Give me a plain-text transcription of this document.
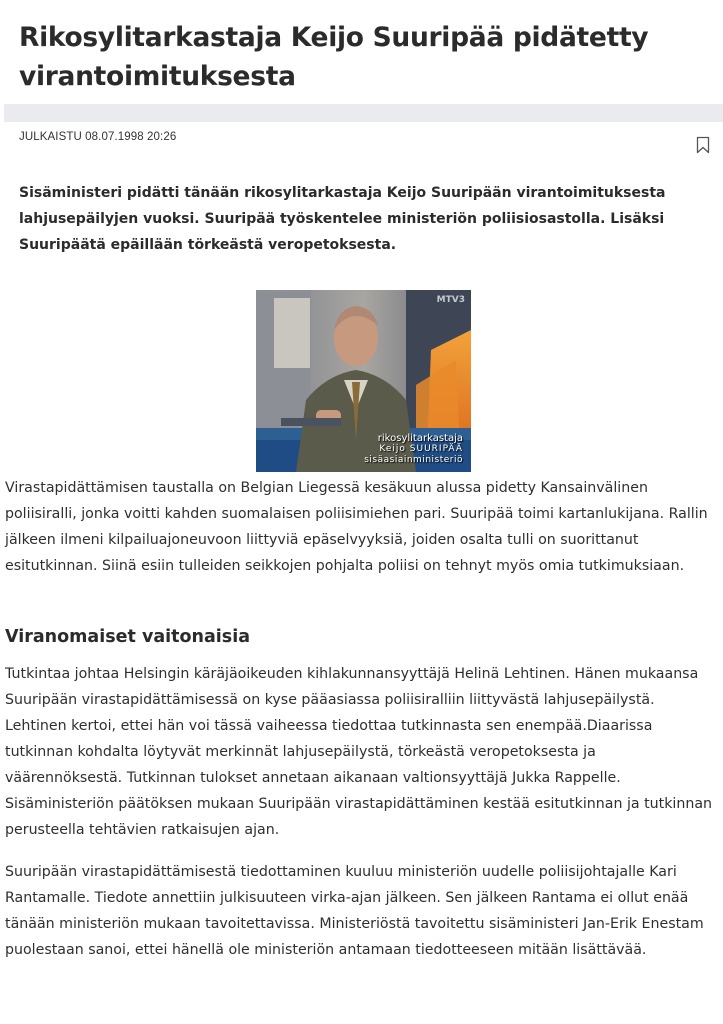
Rikosylitarkastaja Keijo Suuripää pidätetty virantoimituksesta
JULKAISTU 08.07.1998 20:26

Sisäministeri pidätti tänään rikosylitarkastaja Keijo Suuripään virantoimituksesta lahjusepäilyjen vuoksi. Suuripää työskentelee ministeriön poliisiosastolla. Lisäksi Suuripäätä epäillään törkeästä veropetoksesta.

MTV3
rikosylitarkastaja
Keijo SUURIPÄÄ
sisäasiainministeriö

Virastapidättämisen taustalla on Belgian Liegessä kesäkuun alussa pidetty Kansainvälinen poliisiralli, jonka voitti kahden suomalaisen poliisimiehen pari. Suuripää toimi kartanlukijana. Rallin jälkeen ilmeni kilpailuajoneuvoon liittyviä epäselvyyksiä, joiden osalta tulli on suorittanut esitutkinnan. Siinä esiin tulleiden seikkojen pohjalta poliisi on tehnyt myös omia tutkimuksiaan.

Viranomaiset vaitonaisia

Tutkintaa johtaa Helsingin käräjäoikeuden kihlakunnansyyttäjä Helinä Lehtinen. Hänen mukaansa Suuripään virastapidättämisessä on kyse pääasiassa poliisiralliin liittyvästä lahjusepäilystä. Lehtinen kertoi, ettei hän voi tässä vaiheessa tiedottaa tutkinnasta sen enempää.Diaarissa tutkinnan kohdalta löytyvät merkinnät lahjusepäilystä, törkeästä veropetoksesta ja väärennöksestä. Tutkinnan tulokset annetaan aikanaan valtionsyyttäjä Jukka Rappelle. Sisäministeriön päätöksen mukaan Suuripään virastapidättäminen kestää esitutkinnan ja tutkinnan perusteella tehtävien ratkaisujen ajan.

Suuripään virastapidättämisestä tiedottaminen kuuluu ministeriön uudelle poliisijohtajalle Kari Rantamalle. Tiedote annettiin julkisuuteen virka-ajan jälkeen. Sen jälkeen Rantama ei ollut enää tänään ministeriön mukaan tavoitettavissa. Ministeriöstä tavoitettu sisäministeri Jan-Erik Enestam puolestaan sanoi, ettei hänellä ole ministeriön antamaan tiedotteeseen mitään lisättävää.
